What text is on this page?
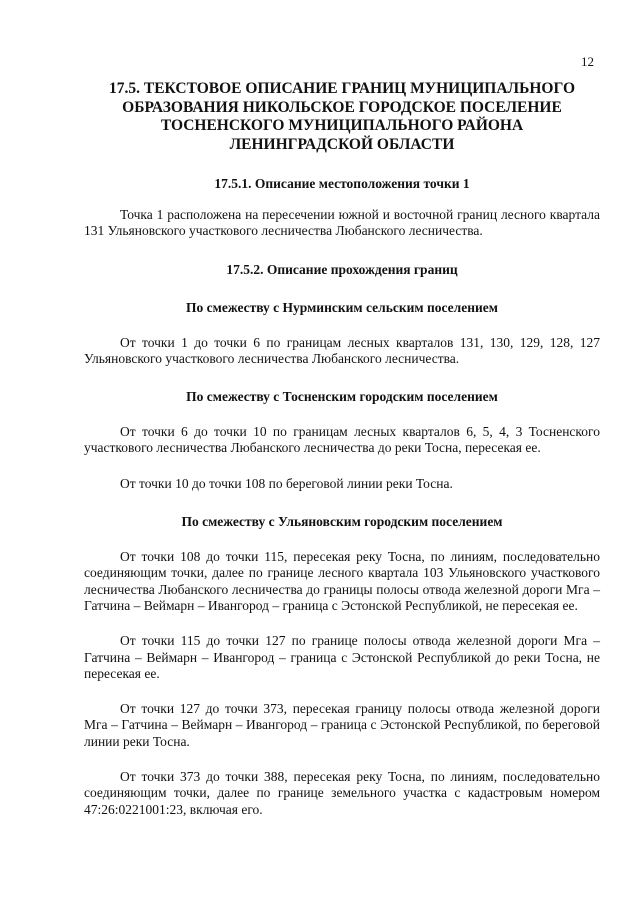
12
17.5. ТЕКСТОВОЕ ОПИСАНИЕ ГРАНИЦ МУНИЦИПАЛЬНОГО
ОБРАЗОВАНИЯ НИКОЛЬСКОЕ ГОРОДСКОЕ ПОСЕЛЕНИЕ
ТОСНЕНСКОГО МУНИЦИПАЛЬНОГО РАЙОНА
ЛЕНИНГРАДСКОЙ ОБЛАСТИ
17.5.1. Описание местоположения точки 1

Точка 1 расположена на пересечении южной и восточной границ лесного квартала 131 Ульяновского участкового лесничества Любанского лесничества.

17.5.2. Описание прохождения границ
По смежеству с Нурминским сельским поселением

От точки 1 до точки 6 по границам лесных кварталов 131, 130, 129, 128, 127 Ульяновского участкового лесничества Любанского лесничества.

По смежеству с Тосненским городским поселением

От точки 6 до точки 10 по границам лесных кварталов 6, 5, 4, 3 Тосненского участкового лесничества Любанского лесничества до реки Тосна, пересекая ее.

От точки 10 до точки 108 по береговой линии реки Тосна.

По смежеству с Ульяновским городским поселением

От точки 108 до точки 115, пересекая реку Тосна, по линиям, последовательно соединяющим точки, далее по границе лесного квартала 103 Ульяновского участкового лесничества Любанского лесничества до границы полосы отвода железной дороги Мга – Гатчина – Веймарн – Ивангород – граница с Эстонской Республикой, не пересекая ее.

От точки 115 до точки 127 по границе полосы отвода железной дороги Мга – Гатчина – Веймарн – Ивангород – граница с Эстонской Республикой до реки Тосна, не пересекая ее.

От точки 127 до точки 373, пересекая границу полосы отвода железной дороги Мга – Гатчина – Веймарн – Ивангород – граница с Эстонской Республикой, по береговой линии реки Тосна.

От точки 373 до точки 388, пересекая реку Тосна, по линиям, последовательно соединяющим точки, далее по границе земельного участка с кадастровым номером 47:26:0221001:23, включая его.
